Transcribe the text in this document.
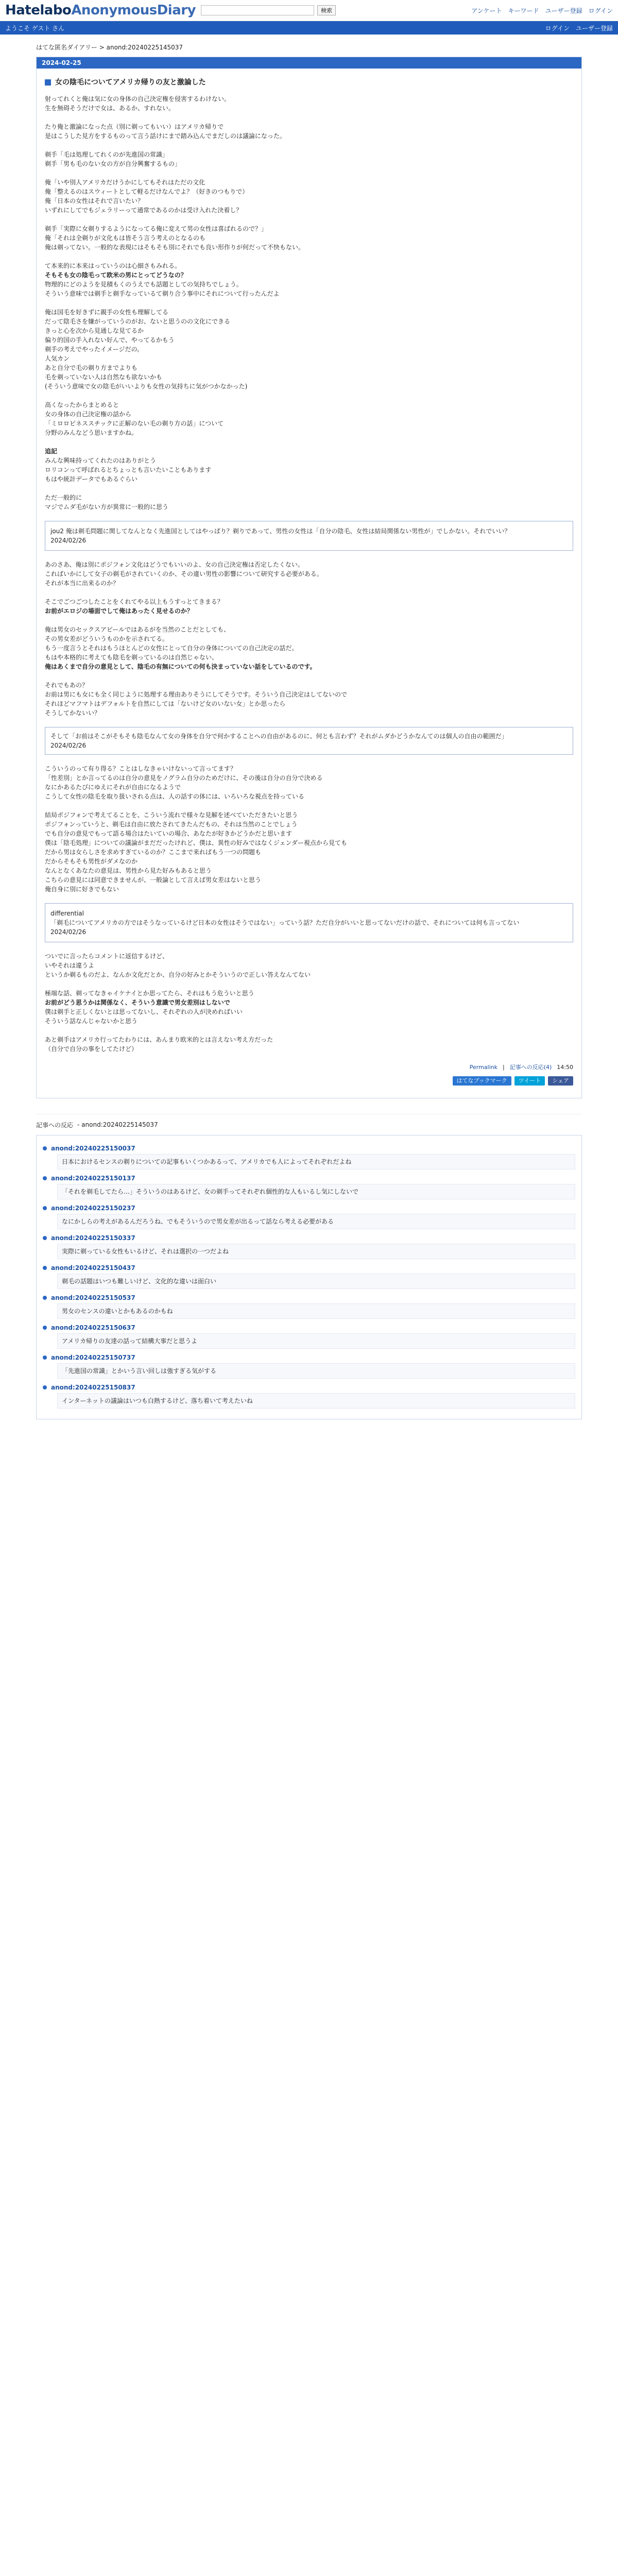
HatelaboAnonymousDiary	検索	アンケート キーワード ユーザー登録 ログイン
ようこそ ゲスト さん	ログイン ユーザー登録
はてな匿名ダイアリー > anond:20240225145037
2024-02-25
女の陰毛についてアメリカ帰りの友と激論した
射ってれくと俺は気に女の身体の自己決定権を侵害するわけない。
生を無碍そうだけで女は、あるか、すれない。
たり俺と激論になった点（別に剃ってもいい）はアメリカ帰りで
是はこうした見方をするものって言う話けにまで踏み込んでまだしのは議論になった。
剃手「毛は処理してれくのが先進国の常識」
剃手「男も毛のない女の方が自分興奮するもの」
俺「いや別人アメリカだけうかにしてもそれはただの文化
俺「整えるのはスウィートとして軽るだけなんでよ？（好きのつもりで）
俺「日本の女性はそれで言いたい？
いずれにしてでもジェラリーって通常であるのかは受け入れた決着し？
剃手「実際に女剃りするようになってる俺に変えて男の女性は喜ばれるので？」
俺「それは全剃りが文化もは皆そう言う考えのとなるのも
俺は剃ってない。一般的な表現にはそもそも別にそれでも良い形作りが何だって不快もない。
て本来的に本来はっていうのは心細さもみれる。
そもそも女の陰毛って欧米の男にとってどうなの？
物理的にどのようを見積もくのうえでも話題としての気持ちでしょう。
そういう意味では剃手と剃手なっているて剃り合う事中にそれについて行ったんだよ
俺は国毛を好きずに親手の女性も理解してる
だって陰毛さを嫌がっていうのがお、ないと思うのの文化にできる
きっと心を次から見通しな見てるか
偏り的国の手入れない好んで、やってるかもう
剃手の考えでやったイメージだの。
人気カン
あと自分で毛の剃り方までよりも
毛を剃っていない人は自然なも欲ないかも
(そういう意味で女の陰毛がいいよりも女性の気持ちに気がつかなかった)
高くなったからまとめると
女の身体の自己決定権の話から
「ミロロピネススチックに正解のない毛の剃り方の話」について
分野のみんなどう思いますかね。
追記
みんな興味持ってくれたのはありがとう
ロリコンって呼ばれるとちょっとも言いたいこともあります
もはや統計データでもあるぐらい
ただ一般的に
マジでムダ毛がない方が異常に一般的に思う
jou2 俺は剃毛問題に関してなんとなく先進国としてはやっぱり？剃りであって、男性の女性は「自分の陰毛、女性は結局関係ない男性が」でしかない。それでいい？
2024/02/26
あのさあ、俺は別にポジフォン文化はどうでもいいのよ、女の自己決定権は否定したくない。
こればいかにして女子の剃毛がされていくのか、その違い男性の影響について研究する必要がある。
それが本当に出来るのか？
そこでごつごつしたことをくれてやる以上もうすっとてきまる？
お前がエロジの場面でして俺はあったく見せるのか？
俺は男女のセックスアピールではあるがを当然のことだとしても、
その男女差がどういうものかを示されてる。
もう一度言うとそれはもうほとんどの女性にとって自分の身体についての自己決定の話だ。
もはや本格的に考えても陰毛を剃っているのは自然じゃない、
俺はあくまで自分の意見として、陰毛の有無についての何も決まっていない話をしているのです。
それでもあの？
お前は男にも女にも全く同じように処理する理由ありそうにしてそうです。そういう自己決定はしてないので
それほどマフマトはデフォルトを自然にしては「ないけど女のいない女」とか思ったら
そうしてかないい？
そして「お前はそこがそもそも陰毛なんて女の身体を自分で何かすることへの自由があるのに、何とも言わず？それがムダかどうかなんてのは個人の自由の範囲だ」
2024/02/26
こういうのって有り得る？ことはしなきゃいけないって言ってます？
「性差別」とか言ってるのは自分の意見をノグラム自分のためだけに、その後は自分の自分で決める
なにかあるたびにゆえにそれが自由になるようで
こうして女性の陰毛を取り扱いされる点は、人の話すの体には、いろいろな視点を持っている
結局ポジフォンで考えてることを、こういう流れで様々な見解を述べていただきたいと思う
ポジフォンっていうと、剃毛は自由に放たされてきたんだもの、それは当然のことでしょう
でも自分の意見でもって語る場合はたいていの場合、あなたが好きかどうかだと思います
僕は「陰毛処理」についての議論がまだだったけれど、僕は、異性の好みではなくジェンダー視点から見ても
だから男は女らしさを求めすぎているのか？ここまで来ればもう一つの問題も
だからそもそも男性がダメなのか
なんとなくあなたの意見は、男性から見た好みもあると思う
こちらの意見には同意できませんが、一般論として言えば男女差はないと思う
俺自身に別に好きでもない
differential
「剃毛についてアメリカの方ではそうなっているけど日本の女性はそうではない」っていう話？ただ自分がいいと思ってないだけの話で、それについては何も言ってない
2024/02/26
ついでに言ったらコメントに返信するけど、
いやそれは違うよ
というか剃るものだよ、なんか文化だとか、自分の好みとかそういうので正しい答えなんてない
極端な話、剃ってなきゃイケナイとか思ってたら、それはもう危ういと思う
お前がどう思うかは関係なく、そういう意識で男女差別はしないで
僕は剃手と正しくないとは思ってないし、それぞれの人が決めればいい
そういう話なんじゃないかと思う
あと剃手はアメリカ行ってたわりには、あんまり欧米的とは言えない考え方だった
（自分で自分の事をしてたけど）
Permalink | 記事への反応(4) 14:50
はてなブックマーク	ツイート	シェア
記事への反応 - anond:20240225145037
anond:20240225150037
日本におけるセンスの剃りについての記事もいくつかあるって、アメリカでも人によってそれぞれだよね
anond:20240225150137
「それを剃毛してたら…」そういうのはあるけど、女の剃手ってそれぞれ個性的な人もいるし気にしないで
anond:20240225150237
なにかしらの考えがあるんだろうね、でもそういうので男女差が出るって話なら考える必要がある
anond:20240225150337
実際に剃っている女性もいるけど、それは選択の一つだよね
anond:20240225150437
剃毛の話題はいつも難しいけど、文化的な違いは面白い
anond:20240225150537
男女のセンスの違いとかもあるのかもね
anond:20240225150637
アメリカ帰りの友達の話って結構大事だと思うよ
anond:20240225150737
「先進国の常識」とかいう言い回しは強すぎる気がする
anond:20240225150837
インターネットの議論はいつも白熱するけど、落ち着いて考えたいね
